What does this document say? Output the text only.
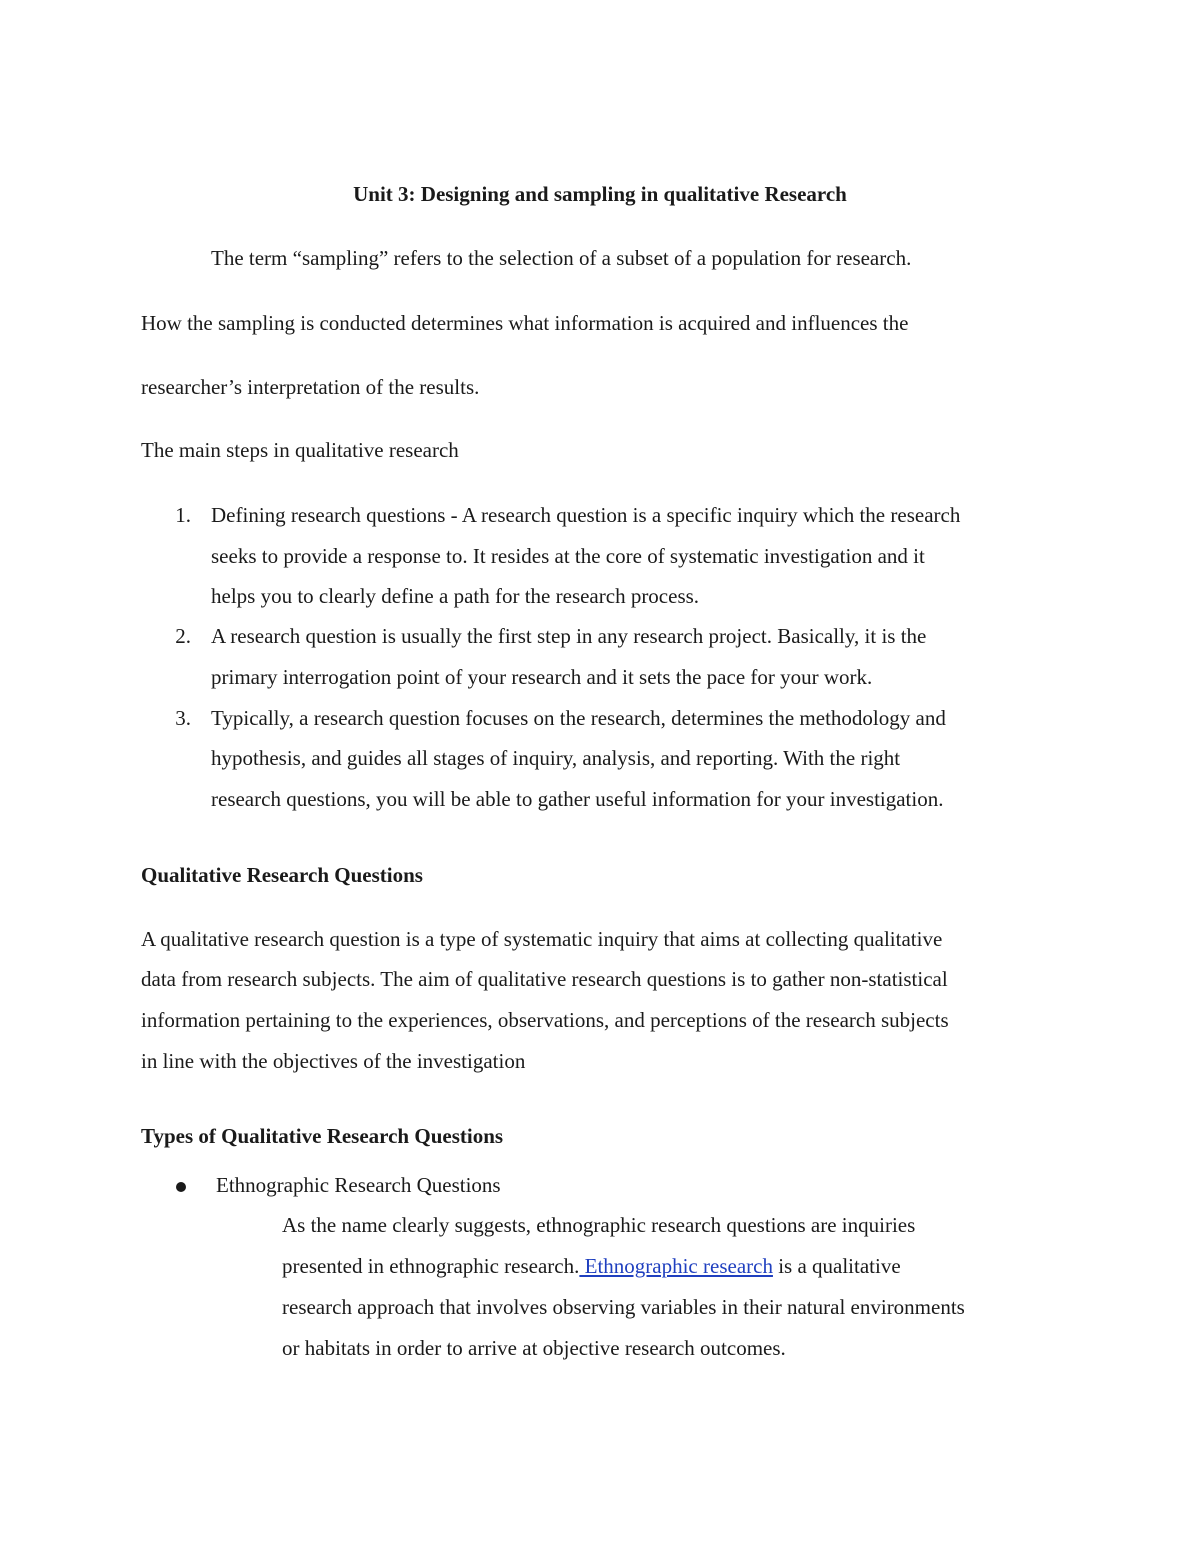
Unit 3: Designing and sampling in qualitative Research

The term “sampling” refers to the selection of a subset of a population for research.

How the sampling is conducted determines what information is acquired and influences the

researcher’s interpretation of the results.

The main steps in qualitative research

1. Defining research questions - A research question is a specific inquiry which the research

seeks to provide a response to. It resides at the core of systematic investigation and it

helps you to clearly define a path for the research process.

2. A research question is usually the first step in any research project. Basically, it is the

primary interrogation point of your research and it sets the pace for your work.

3. Typically, a research question focuses on the research, determines the methodology and

hypothesis, and guides all stages of inquiry, analysis, and reporting. With the right

research questions, you will be able to gather useful information for your investigation.

Qualitative Research Questions

A qualitative research question is a type of systematic inquiry that aims at collecting qualitative

data from research subjects. The aim of qualitative research questions is to gather non-statistical

information pertaining to the experiences, observations, and perceptions of the research subjects

in line with the objectives of the investigation

Types of Qualitative Research Questions

Ethnographic Research Questions

As the name clearly suggests, ethnographic research questions are inquiries

presented in ethnographic research. Ethnographic research is a qualitative

research approach that involves observing variables in their natural environments

or habitats in order to arrive at objective research outcomes.
